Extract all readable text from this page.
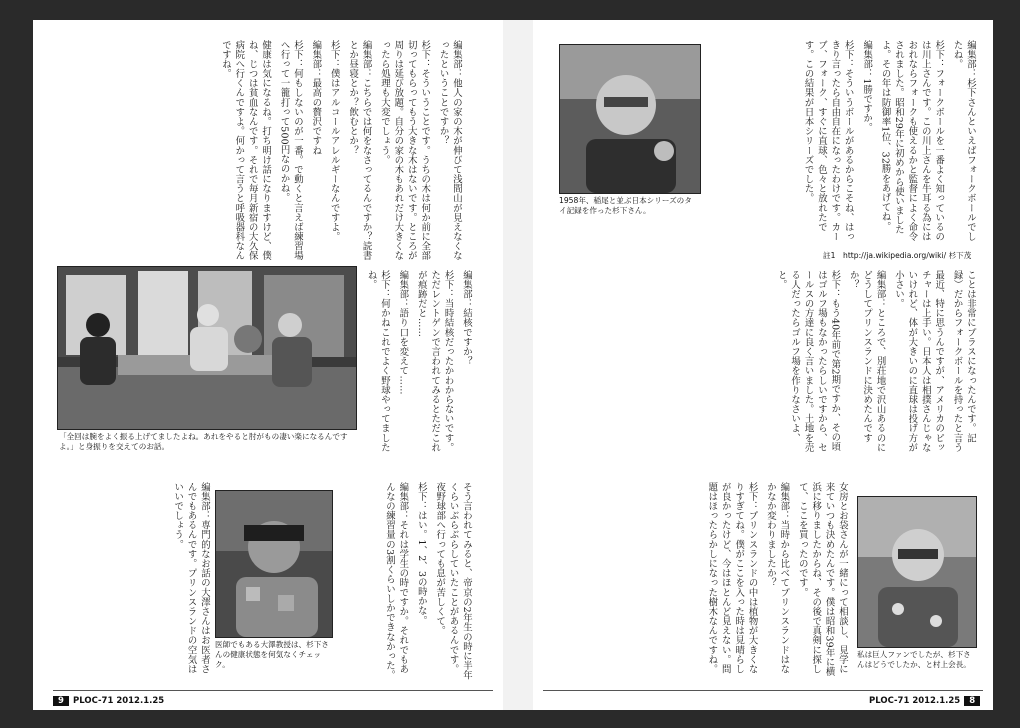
編集部：他人の家の木が伸びて浅間山が見えなくなったということですか？

杉下：そういうことです。うちの木は何か前に全部切ってもらってもう大きな木はないです。ところが周りは延び放題。自分の家の木もあれだけ大きくなったら処理も大変でしょう。

編集部：こちらでは何をなさってるんですか？読書とか昼寝とか？飲むとか？

杉下：僕はアルコールアレルギーなんですよ。

編集部：最高の贅沢ですね

杉下：何もしないのが一番。で動くと言えば練習場へ行って一籠打って500円なのかね。

健康は気になるね。打ち明け話になりますけど、僕ね、じつは貧血なんです。それで毎月新宿の大久保病院へ行くんですよ。何かって言うと呼吸器科なんですね。

「全回は腕をよく振る上げてましたよね。あれをやると肘がもの凄い楽になるんですよ。」と身振りを交えてのお話。

編集部：結核ですか？

杉下：当時結核だったかわからないです。ただレントゲンで言われてみるとただこれが痕跡だと……

編集部：語り口を変えて……

杉下：何かねこれでよく野球やってましたね。

編集部：専門的なお話の大澤さんはお医者さんでもあるんです。プリンスランドの空気はいいでしょう。

医師でもある大澤教授は、杉下さんの健康状態を何気なくチェック。	そう言われてみると、帝京の2年生の時に半年くらいぶらぶらしていたことがあるんです。夜野球部へ行っても息が苦しくて。

杉下：はい。1、2、3の時かな。

編集部：それは学生の時ですか。それでもあんなの練習量の3割くらいしかできなかった。

9	PLOC-71 2012.1.25
1958年、稲尾と並ぶ日本シリーズのタイ記録を作った杉下さん。	編集部：杉下さんといえばフォークボールでしたね。

杉下：フォークボールを一番よく知っているのは川上さんです。この川上さんを牛耳る為にはおれならフォークも使えるかと監督によく命令されました。昭和29年に初めから使いましたよ。その年は防御率1位、32勝をあげてね。

編集部：1勝ですか。

杉下：そういうボールがあるからこそね、はっきり言ったら自由自在になったわけです。カーブ、フォーク、すぐに直球、色々と放れたです。この結果が日本シリーズでした。

註1　http://ja.wikipedia.org/wiki/ 杉下茂

ことは非常にプラスになったんです。記録）だからフォークボールを持ったと言う

最近、特に思うんですが、アメリカのピッチャーは上手い。日本人は相撲さんじゃないけれど、体が大きいのに直球は投げ方が小さい。

編集部：ところで、別荘地で沢山あるのにどうしてプリンスランドに決めたんですか？

杉下：もう40年前で第2期ですか、その頃はゴルフ場もなかったらしいですから、セールスの方達に良く言いました。土地を売る人だったらゴルフ場を作りなさいよ、と。

女房とお袋さんが一緒にって相談し、見学に来ていつも決めたんです。僕は昭和39年に横浜に移りましたからね、その後で真剣に探して、ここを買ったのです。

編集部：当時から比べてプリンスランドはなかなか変わりましたか？

杉下：プリンスランドの中は植物が大きくなりすぎてね。僕がここを入った時は見晴らしが良かったけど、今はほとんど見えない。問題はほったらかしになった樹木なんですね。	私は巨人ファンでしたが、杉下さんはどうでしたか、と村上会長。
PLOC-71 2012.1.25	8
